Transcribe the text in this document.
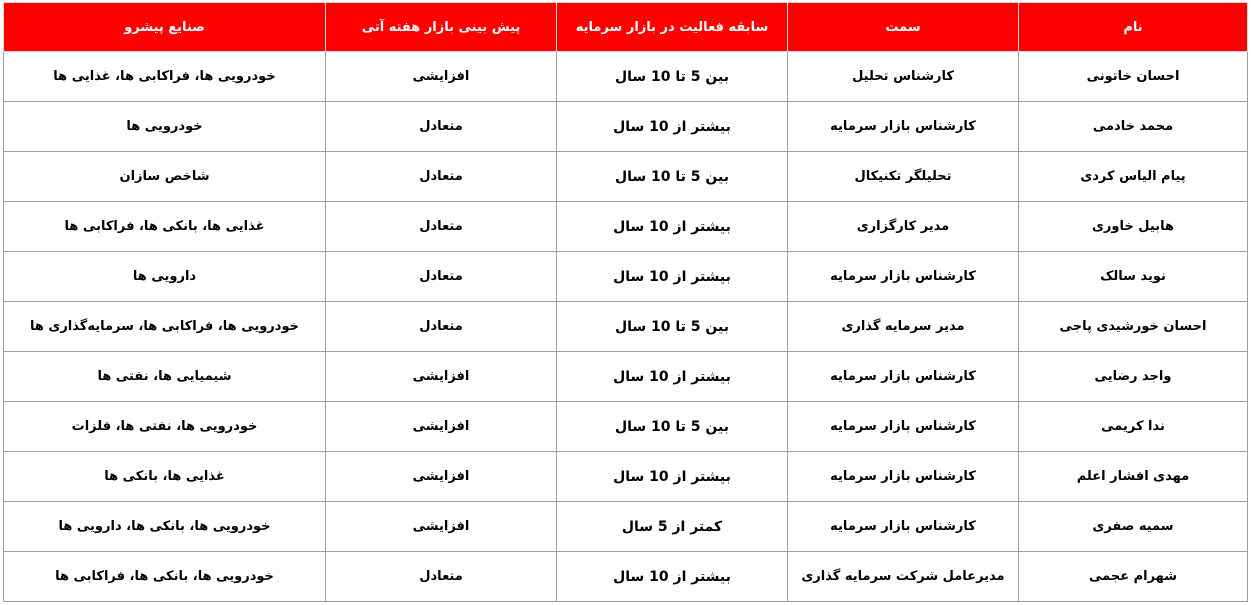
نام	سمت	سابقه فعالیت در بازار سرمایه	پیش بینی بازار هفته آتی	صنایع پیشرو
احسان خاتونی	کارشناس تحلیل	بین 5 تا 10 سال	افزایشی	خودرویی ها، فراکابی ها، غذایی ها
محمد خادمی	کارشناس بازار سرمایه	بیشتر از 10 سال	متعادل	خودرویی ها
پیام الیاس کردی	تحلیلگر تکنیکال	بین 5 تا 10 سال	متعادل	شاخص سازان
هابیل خاوری	مدیر کارگزاری	بیشتر از 10 سال	متعادل	غذایی ها، بانکی ها، فراکابی ها
نوید سالک	کارشناس بازار سرمایه	بیشتر از 10 سال	متعادل	دارویی ها
احسان خورشیدی پاجی	مدیر سرمایه گذاری	بین 5 تا 10 سال	متعادل	خودرویی ها، فراکابی ها، سرمایه‌گذاری ها
واجد رضایی	کارشناس بازار سرمایه	بیشتر از 10 سال	افزایشی	شیمیایی ها، نفتی ها
ندا کریمی	کارشناس بازار سرمایه	بین 5 تا 10 سال	افزایشی	خودرویی ها، نفتی ها، فلزات
مهدی افشار اعلم	کارشناس بازار سرمایه	بیشتر از 10 سال	افزایشی	غذایی ها، بانکی ها
سمیه صفری	کارشناس بازار سرمایه	کمتر از 5 سال	افزایشی	خودرویی ها، بانکی ها، دارویی ها
شهرام عجمی	مدیرعامل شرکت سرمایه گذاری	بیشتر از 10 سال	متعادل	خودرویی ها، بانکی ها، فراکابی ها
